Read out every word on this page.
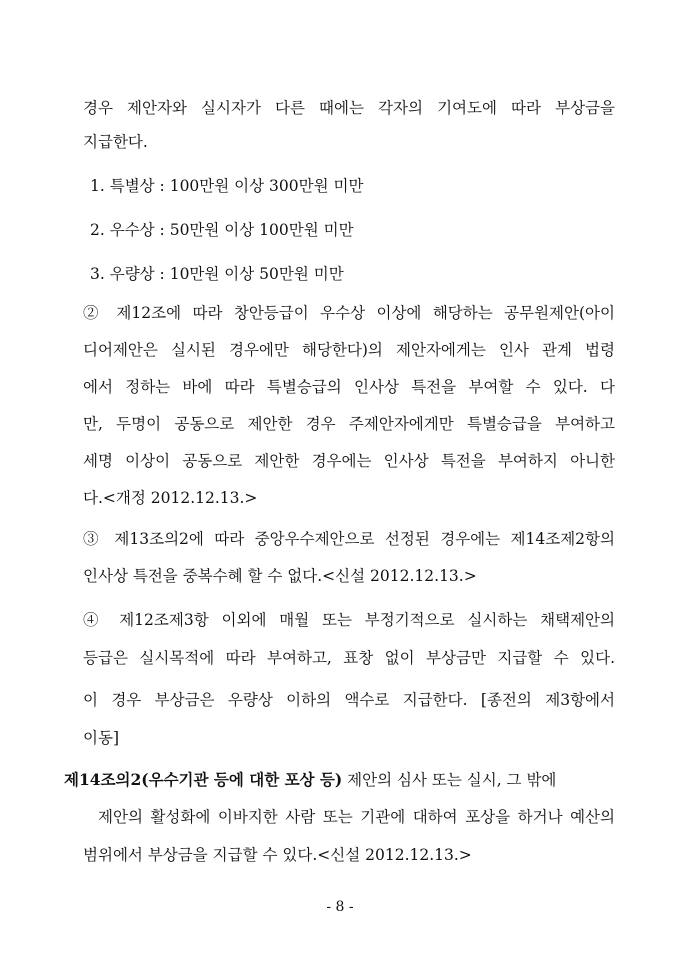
경우 제안자와 실시자가 다른 때에는 각자의 기여도에 따라 부상금을
지급한다.
1. 특별상 : 100만원 이상 300만원 미만
2. 우수상 : 50만원 이상 100만원 미만
3. 우량상 : 10만원 이상 50만원 미만
② 제12조에 따라 창안등급이 우수상 이상에 해당하는 공무원제안(아이
디어제안은 실시된 경우에만 해당한다)의 제안자에게는 인사 관계 법령
에서 정하는 바에 따라 특별승급의 인사상 특전을 부여할 수 있다. 다
만, 두명이 공동으로 제안한 경우 주제안자에게만 특별승급을 부여하고
세명 이상이 공동으로 제안한 경우에는 인사상 특전을 부여하지 아니한
다.<개정 2012.12.13.>
③ 제13조의2에 따라 중앙우수제안으로 선정된 경우에는 제14조제2항의
인사상 특전을 중복수혜 할 수 없다.<신설 2012.12.13.>
④ 제12조제3항 이외에 매월 또는 부정기적으로 실시하는 채택제안의
등급은 실시목적에 따라 부여하고, 표창 없이 부상금만 지급할 수 있다.
이 경우 부상금은 우량상 이하의 액수로 지급한다. [종전의 제3항에서
이동]
제14조의2(우수기관 등에 대한 포상 등) 제안의 심사 또는 실시, 그 밖에
제안의 활성화에 이바지한 사람 또는 기관에 대하여 포상을 하거나 예산의
범위에서 부상금을 지급할 수 있다.<신설 2012.12.13.>
- 8 -
